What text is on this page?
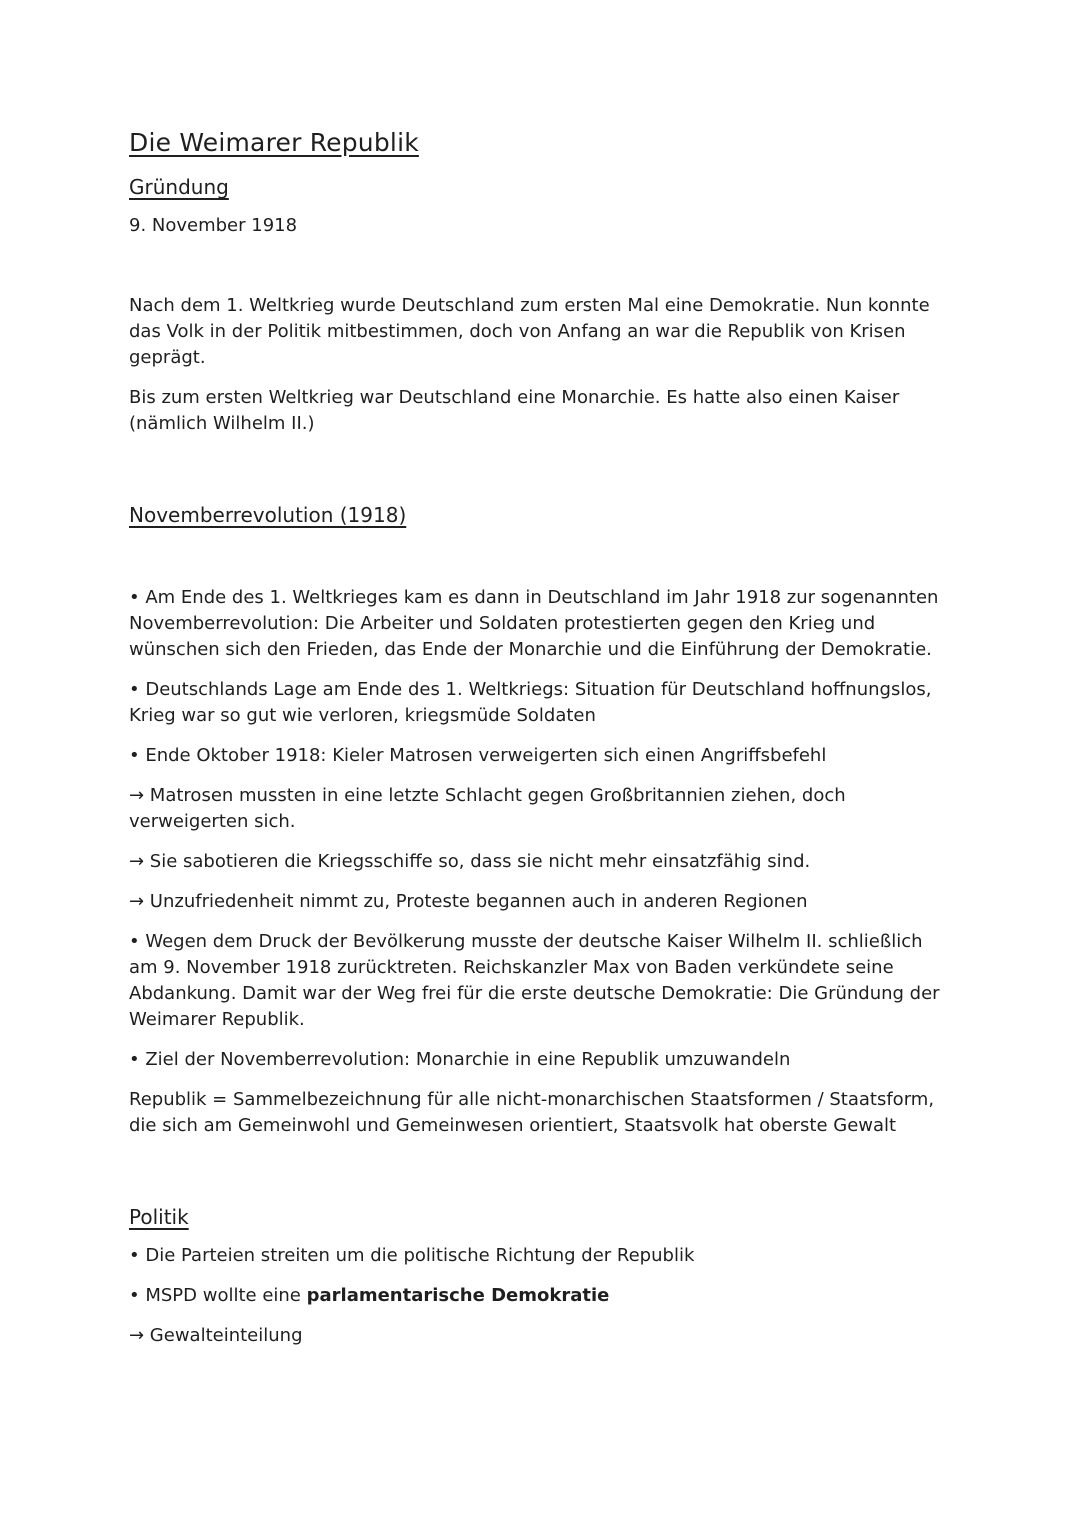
Die Weimarer Republik
Gründung

9. November 1918

Nach dem 1. Weltkrieg wurde Deutschland zum ersten Mal eine Demokratie. Nun konnte das Volk in der Politik mitbestimmen, doch von Anfang an war die Republik von Krisen geprägt.

Bis zum ersten Weltkrieg war Deutschland eine Monarchie. Es hatte also einen Kaiser (nämlich Wilhelm II.)

Novemberrevolution (1918)

• Am Ende des 1. Weltkrieges kam es dann in Deutschland im Jahr 1918 zur sogenannten Novemberrevolution: Die Arbeiter und Soldaten protestierten gegen den Krieg und wünschen sich den Frieden, das Ende der Monarchie und die Einführung der Demokratie.

• Deutschlands Lage am Ende des 1. Weltkriegs: Situation für Deutschland hoffnungslos, Krieg war so gut wie verloren, kriegsmüde Soldaten

• Ende Oktober 1918: Kieler Matrosen verweigerten sich einen Angriffsbefehl

→ Matrosen mussten in eine letzte Schlacht gegen Großbritannien ziehen, doch verweigerten sich.

→ Sie sabotieren die Kriegsschiffe so, dass sie nicht mehr einsatzfähig sind.

→ Unzufriedenheit nimmt zu, Proteste begannen auch in anderen Regionen

• Wegen dem Druck der Bevölkerung musste der deutsche Kaiser Wilhelm II. schließlich am 9. November 1918 zurücktreten. Reichskanzler Max von Baden verkündete seine Abdankung. Damit war der Weg frei für die erste deutsche Demokratie: Die Gründung der Weimarer Republik.

• Ziel der Novemberrevolution: Monarchie in eine Republik umzuwandeln

Republik = Sammelbezeichnung für alle nicht-monarchischen Staatsformen / Staatsform, die sich am Gemeinwohl und Gemeinwesen orientiert, Staatsvolk hat oberste Gewalt

Politik

• Die Parteien streiten um die politische Richtung der Republik

• MSPD wollte eine parlamentarische Demokratie

→ Gewalteinteilung
